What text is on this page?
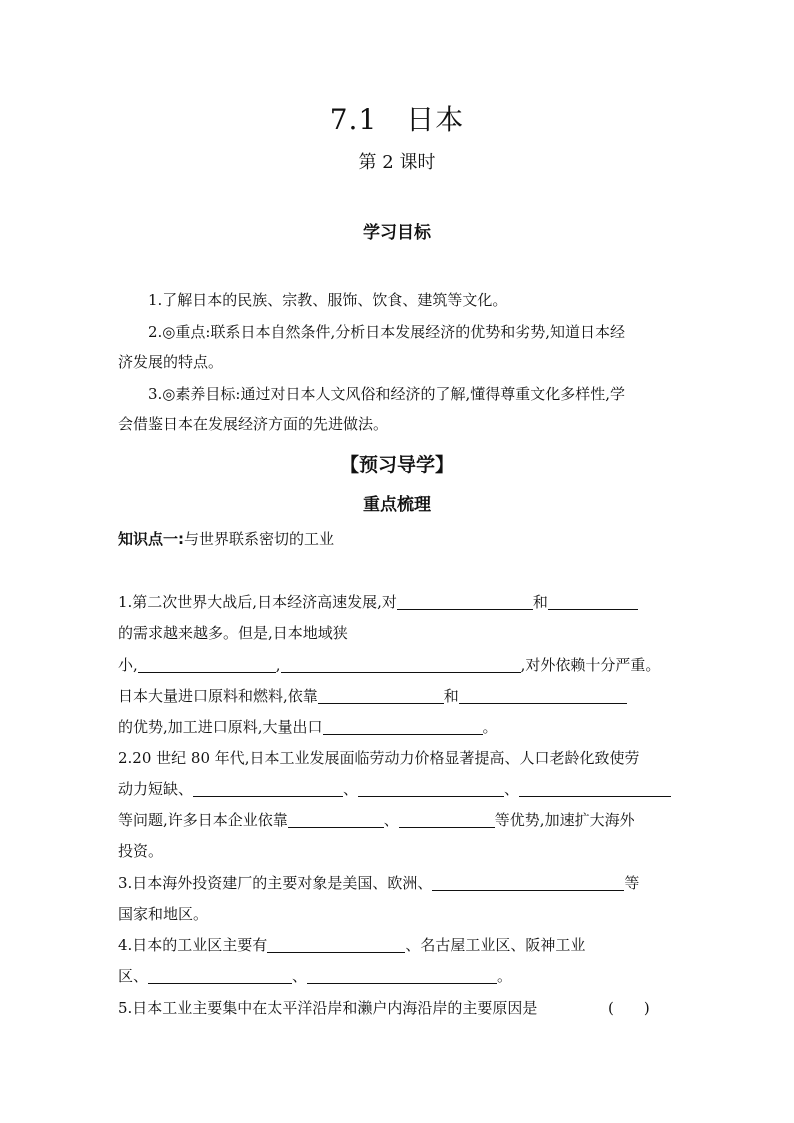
7.1　日本
第 2 课时
学习目标
1.了解日本的民族、宗教、服饰、饮食、建筑等文化。
2.◎重点:联系日本自然条件,分析日本发展经济的优势和劣势,知道日本经
济发展的特点。
3.◎素养目标:通过对日本人文风俗和经济的了解,懂得尊重文化多样性,学
会借鉴日本在发展经济方面的先进做法。
【预习导学】
重点梳理
知识点一:与世界联系密切的工业
1.第二次世界大战后,日本经济高速发展,对	和
的需求越来越多。但是,日本地域狭
小,	,	,对外依赖十分严重。
日本大量进口原料和燃料,依靠	和
的优势,加工进口原料,大量出口	。
2.20 世纪 80 年代,日本工业发展面临劳动力价格显著提高、人口老龄化致使劳
动力短缺、	、	、
等问题,许多日本企业依靠	、	等优势,加速扩大海外
投资。
3.日本海外投资建厂的主要对象是美国、欧洲、	等
国家和地区。
4.日本的工业区主要有	、名古屋工业区、阪神工业
区、	、	。
5.日本工业主要集中在太平洋沿岸和濑户内海沿岸的主要原因是	(　　)
